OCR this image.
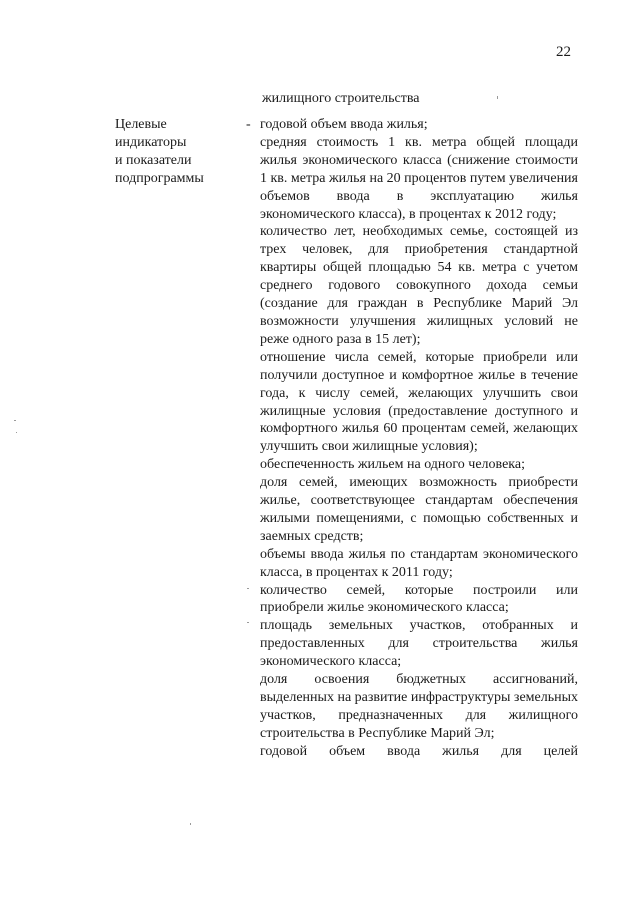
22
жилищного строительства
Целевые
индикаторы
и показатели
подпрограммы
- годовой объем ввода жилья;

средняя стоимость 1 кв. метра общей площади жилья экономического класса (снижение стоимости 1 кв. метра жилья на 20 процентов путем увеличения объемов ввода в эксплуатацию жилья экономического класса), в процентах к 2012 году;

количество лет, необходимых семье, состоящей из трех человек, для приобретения стандартной квартиры общей площадью 54 кв. метра с учетом среднего годового совокупного дохода семьи (создание для граждан в Республике Марий Эл возможности улучшения жилищных условий не реже одного раза в 15 лет);

отношение числа семей, которые приобрели или получили доступное и комфортное жилье в течение года, к числу семей, желающих улучшить свои жилищные условия (предоставление доступного и комфортного жилья 60 процентам семей, желающих улучшить свои жилищные условия);

обеспеченность жильем на одного человека;

доля семей, имеющих возможность приобрести жилье, соответствующее стандартам обеспечения жилыми помещениями, с помощью собственных и заемных средств;

объемы ввода жилья по стандартам экономического класса, в процентах к 2011 году;

количество семей, которые построили или приобрели жилье экономического класса;

площадь земельных участков, отобранных и предоставленных для строительства жилья экономического класса;

доля освоения бюджетных ассигнований, выделенных на развитие инфраструктуры земельных участков, предназначенных для жилищного строительства в Республике Марий Эл;

годовой объем ввода жилья для целей
